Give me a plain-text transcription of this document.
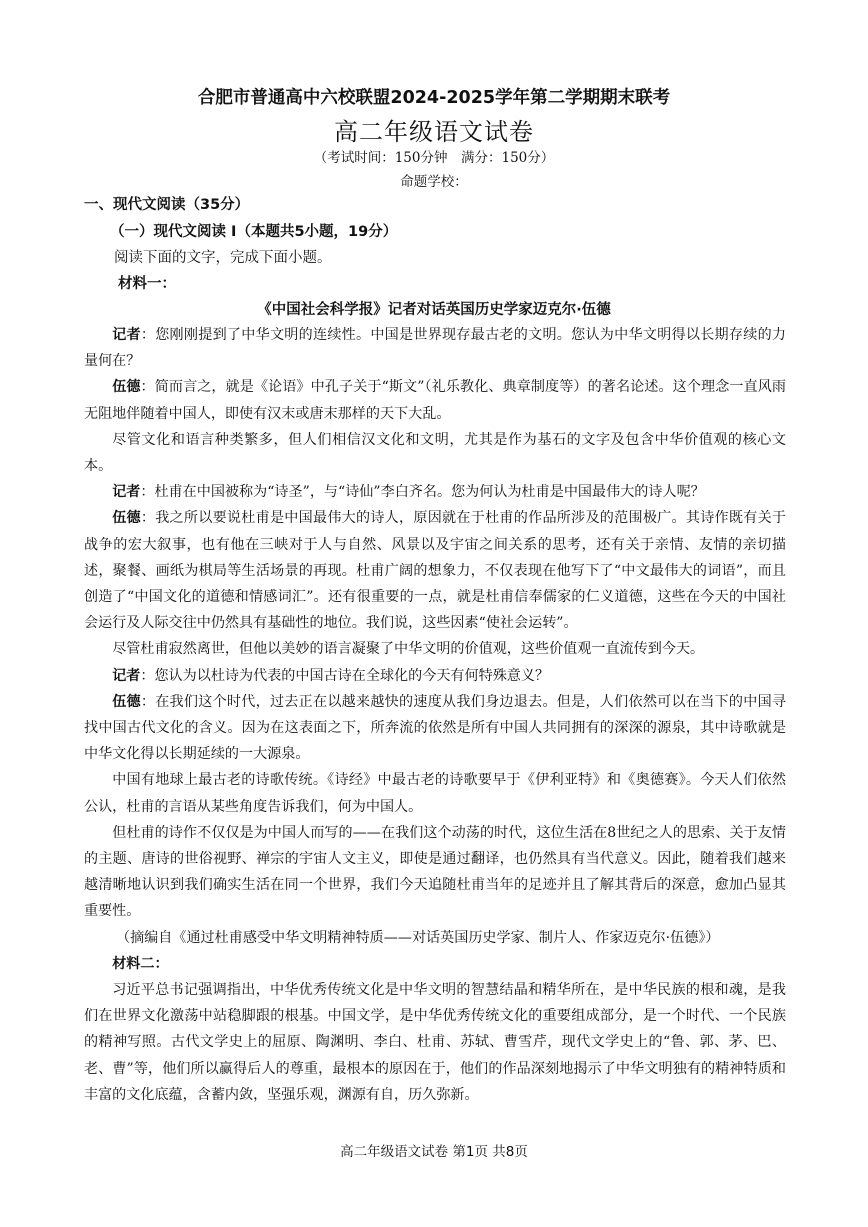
合肥市普通高中六校联盟2024-2025学年第二学期期末联考
高二年级语文试卷
（考试时间：150分钟　满分：150分）
命题学校：
一、现代文阅读（35分）
（一）现代文阅读 I（本题共5小题，19分）
阅读下面的文字，完成下面小题。
材料一：
《中国社会科学报》记者对话英国历史学家迈克尔·伍德

记者：您刚刚提到了中华文明的连续性。中国是世界现存最古老的文明。您认为中华文明得以长期存续的力量何在？

伍德：简而言之，就是《论语》中孔子关于“斯文”（礼乐教化、典章制度等）的著名论述。这个理念一直风雨无阻地伴随着中国人，即使有汉末或唐末那样的天下大乱。

尽管文化和语言种类繁多，但人们相信汉文化和文明，尤其是作为基石的文字及包含中华价值观的核心文本。

记者：杜甫在中国被称为“诗圣”，与“诗仙”李白齐名。您为何认为杜甫是中国最伟大的诗人呢？

伍德：我之所以要说杜甫是中国最伟大的诗人，原因就在于杜甫的作品所涉及的范围极广。其诗作既有关于战争的宏大叙事，也有他在三峡对于人与自然、风景以及宇宙之间关系的思考，还有关于亲情、友情的亲切描述，聚餐、画纸为棋局等生活场景的再现。杜甫广阔的想象力，不仅表现在他写下了“中文最伟大的词语”，而且创造了“中国文化的道德和情感词汇”。还有很重要的一点，就是杜甫信奉儒家的仁义道德，这些在今天的中国社会运行及人际交往中仍然具有基础性的地位。我们说，这些因素“使社会运转”。

尽管杜甫寂然离世，但他以美妙的语言凝聚了中华文明的价值观，这些价值观一直流传到今天。

记者：您认为以杜诗为代表的中国古诗在全球化的今天有何特殊意义？

伍德：在我们这个时代，过去正在以越来越快的速度从我们身边退去。但是，人们依然可以在当下的中国寻找中国古代文化的含义。因为在这表面之下，所奔流的依然是所有中国人共同拥有的深深的源泉，其中诗歌就是中华文化得以长期延续的一大源泉。

中国有地球上最古老的诗歌传统。《诗经》中最古老的诗歌要早于《伊利亚特》和《奥德赛》。今天人们依然公认，杜甫的言语从某些角度告诉我们，何为中国人。

但杜甫的诗作不仅仅是为中国人而写的——在我们这个动荡的时代，这位生活在8世纪之人的思索、关于友情的主题、唐诗的世俗视野、禅宗的宇宙人文主义，即使是通过翻译，也仍然具有当代意义。因此，随着我们越来越清晰地认识到我们确实生活在同一个世界，我们今天追随杜甫当年的足迹并且了解其背后的深意，愈加凸显其重要性。

（摘编自《通过杜甫感受中华文明精神特质——对话英国历史学家、制片人、作家迈克尔·伍德》）

材料二：

习近平总书记强调指出，中华优秀传统文化是中华文明的智慧结晶和精华所在，是中华民族的根和魂，是我们在世界文化激荡中站稳脚跟的根基。中国文学，是中华优秀传统文化的重要组成部分，是一个时代、一个民族的精神写照。古代文学史上的屈原、陶渊明、李白、杜甫、苏轼、曹雪芹，现代文学史上的“鲁、郭、茅、巴、老、曹”等，他们所以赢得后人的尊重，最根本的原因在于，他们的作品深刻地揭示了中华文明独有的精神特质和丰富的文化底蕴，含蓄内敛，坚强乐观，渊源有自，历久弥新。

高二年级语文试卷 第1页 共8页
